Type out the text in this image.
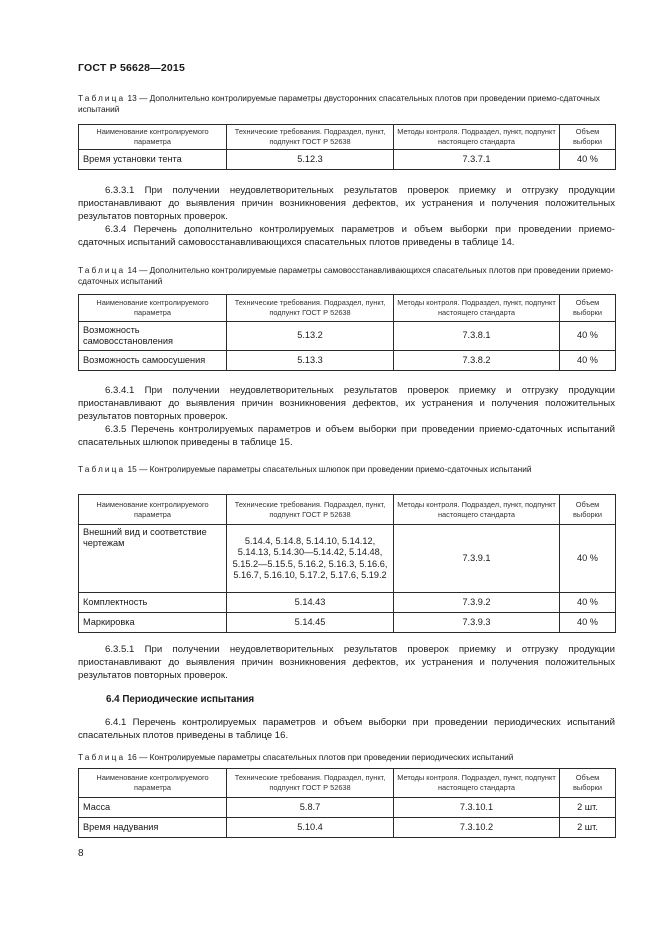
ГОСТ Р 56628—2015
Таблица 13 — Дополнительно контролируемые параметры двусторонних спасательных плотов при проведении приемо-сдаточных испытаний
Наименование контролируемого параметра	Технические требования. Подраздел, пункт, подпункт ГОСТ Р 52638	Методы контроля. Подраздел, пункт, подпункт настоящего стандарта	Объем выборки
Время установки тента	5.12.3	7.3.7.1	40 %
6.3.3.1 При получении неудовлетворительных результатов проверок приемку и отгрузку продукции приостанавливают до выявления причин возникновения дефектов, их устранения и получения положительных результатов повторных проверок.
6.3.4 Перечень дополнительно контролируемых параметров и объем выборки при проведении приемо-сдаточных испытаний самовосстанавливающихся спасательных плотов приведены в таблице 14.
Таблица 14 — Дополнительно контролируемые параметры самовосстанавливающихся спасательных плотов при проведении приемо-сдаточных испытаний
Наименование контролируемого параметра	Технические требования. Подраздел, пункт, подпункт ГОСТ Р 52638	Методы контроля. Подраздел, пункт, подпункт настоящего стандарта	Объем выборки
Возможность самовосстановления	5.13.2	7.3.8.1	40 %
Возможность самоосушения	5.13.3	7.3.8.2	40 %
6.3.4.1 При получении неудовлетворительных результатов проверок приемку и отгрузку продукции приостанавливают до выявления причин возникновения дефектов, их устранения и получения положительных результатов повторных проверок.
6.3.5 Перечень контролируемых параметров и объем выборки при проведении приемо-сдаточных испытаний спасательных шлюпок приведены в таблице 15.
Таблица 15 — Контролируемые параметры спасательных шлюпок при проведении приемо-сдаточных испытаний
Наименование контролируемого параметра	Технические требования. Подраздел, пункт, подпункт ГОСТ Р 52638	Методы контроля. Подраздел, пункт, подпункт настоящего стандарта	Объем выборки
Внешний вид и соответствие чертежам	5.14.4, 5.14.8, 5.14.10, 5.14.12, 5.14.13, 5.14.30—5.14.42, 5.14.48, 5.15.2—5.15.5, 5.16.2, 5.16.3, 5.16.6, 5.16.7, 5.16.10, 5.17.2, 5.17.6, 5.19.2	7.3.9.1	40 %
Комплектность	5.14.43	7.3.9.2	40 %
Маркировка	5.14.45	7.3.9.3	40 %
6.3.5.1 При получении неудовлетворительных результатов проверок приемку и отгрузку продукции приостанавливают до выявления причин возникновения дефектов, их устранения и получения положительных результатов повторных проверок.
6.4 Периодические испытания
6.4.1 Перечень контролируемых параметров и объем выборки при проведении периодических испытаний спасательных плотов приведены в таблице 16.
Таблица 16 — Контролируемые параметры спасательных плотов при проведении периодических испытаний
Наименование контролируемого параметра	Технические требования. Подраздел, пункт, подпункт ГОСТ Р 52638	Методы контроля. Подраздел, пункт, подпункт настоящего стандарта	Объем выборки
Масса	5.8.7	7.3.10.1	2 шт.
Время надувания	5.10.4	7.3.10.2	2 шт.
8
